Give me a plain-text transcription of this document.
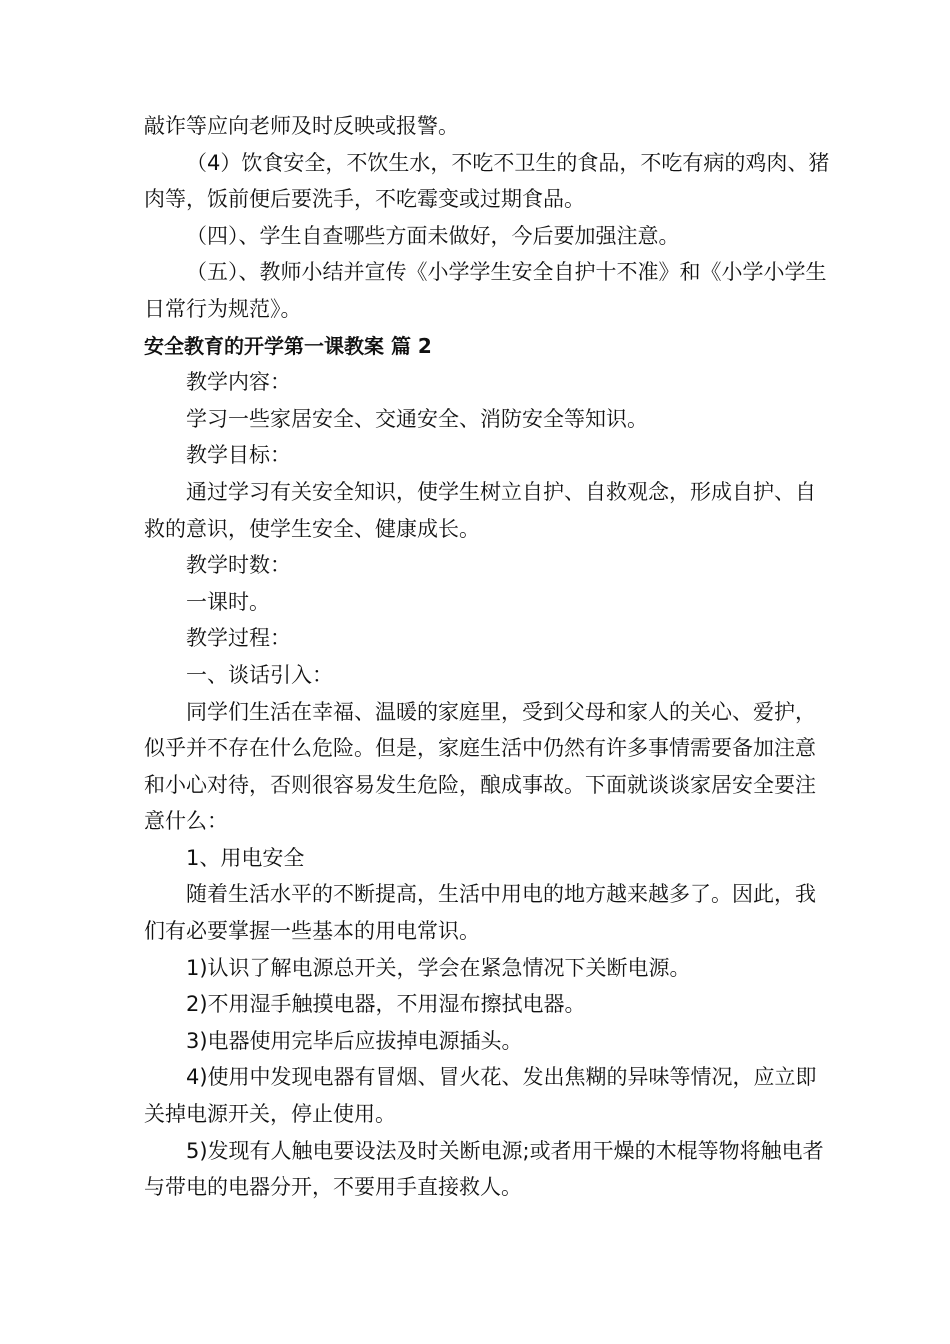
敲诈等应向老师及时反映或报警。

（4）饮食安全，不饮生水，不吃不卫生的食品，不吃有病的鸡肉、猪肉等，饭前便后要洗手，不吃霉变或过期食品。

（四）、学生自查哪些方面未做好，今后要加强注意。

（五）、教师小结并宣传《小学学生安全自护十不准》和《小学小学生日常行为规范》。

安全教育的开学第一课教案 篇 2

教学内容：

学习一些家居安全、交通安全、消防安全等知识。

教学目标：

通过学习有关安全知识，使学生树立自护、自救观念，形成自护、自救的意识，使学生安全、健康成长。

教学时数：

一课时。

教学过程：

一、谈话引入：

同学们生活在幸福、温暖的家庭里，受到父母和家人的关心、爱护，似乎并不存在什么危险。但是，家庭生活中仍然有许多事情需要备加注意和小心对待，否则很容易发生危险，酿成事故。下面就谈谈家居安全要注意什么：

1、用电安全

随着生活水平的不断提高，生活中用电的地方越来越多了。因此，我们有必要掌握一些基本的用电常识。

1)认识了解电源总开关，学会在紧急情况下关断电源。

2)不用湿手触摸电器，不用湿布擦拭电器。

3)电器使用完毕后应拔掉电源插头。

4)使用中发现电器有冒烟、冒火花、发出焦糊的异味等情况，应立即关掉电源开关，停止使用。

5)发现有人触电要设法及时关断电源;或者用干燥的木棍等物将触电者与带电的电器分开，不要用手直接救人。
